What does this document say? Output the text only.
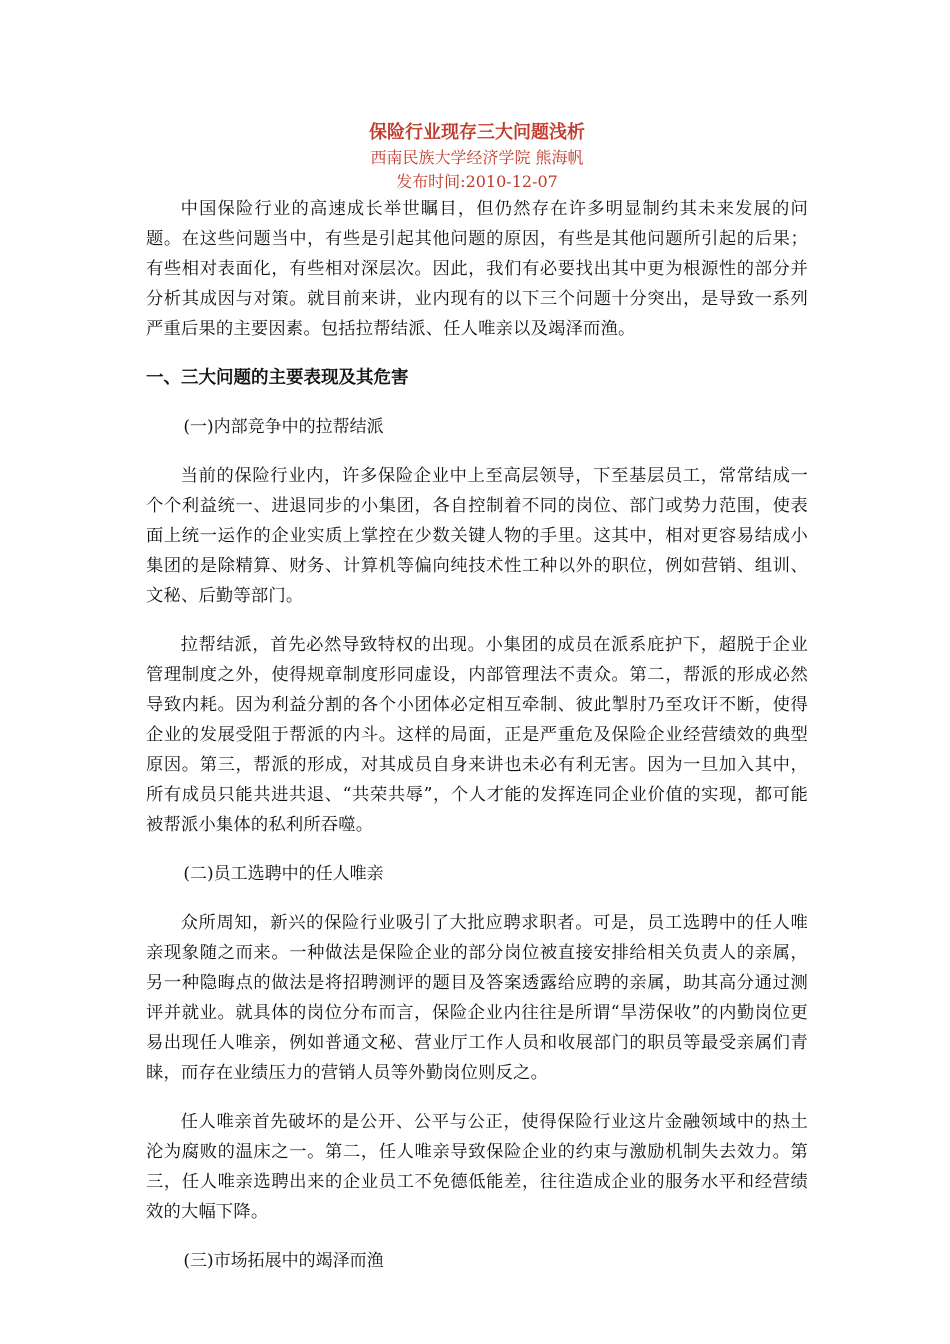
保险行业现存三大问题浅析
西南民族大学经济学院 熊海帆
发布时间:2010-12-07

中国保险行业的高速成长举世瞩目，但仍然存在许多明显制约其未来发展的问题。在这些问题当中，有些是引起其他问题的原因，有些是其他问题所引起的后果；有些相对表面化，有些相对深层次。因此，我们有必要找出其中更为根源性的部分并分析其成因与对策。就目前来讲，业内现有的以下三个问题十分突出，是导致一系列严重后果的主要因素。包括拉帮结派、任人唯亲以及竭泽而渔。

一、三大问题的主要表现及其危害

(一)内部竞争中的拉帮结派

当前的保险行业内，许多保险企业中上至高层领导，下至基层员工，常常结成一个个利益统一、进退同步的小集团，各自控制着不同的岗位、部门或势力范围，使表面上统一运作的企业实质上掌控在少数关键人物的手里。这其中，相对更容易结成小集团的是除精算、财务、计算机等偏向纯技术性工种以外的职位，例如营销、组训、文秘、后勤等部门。

拉帮结派，首先必然导致特权的出现。小集团的成员在派系庇护下，超脱于企业管理制度之外，使得规章制度形同虚设，内部管理法不责众。第二，帮派的形成必然导致内耗。因为利益分割的各个小团体必定相互牵制、彼此掣肘乃至攻讦不断，使得企业的发展受阻于帮派的内斗。这样的局面，正是严重危及保险企业经营绩效的典型原因。第三，帮派的形成，对其成员自身来讲也未必有利无害。因为一旦加入其中，所有成员只能共进共退、“共荣共辱”，个人才能的发挥连同企业价值的实现，都可能被帮派小集体的私利所吞噬。

(二)员工选聘中的任人唯亲

众所周知，新兴的保险行业吸引了大批应聘求职者。可是，员工选聘中的任人唯亲现象随之而来。一种做法是保险企业的部分岗位被直接安排给相关负责人的亲属，另一种隐晦点的做法是将招聘测评的题目及答案透露给应聘的亲属，助其高分通过测评并就业。就具体的岗位分布而言，保险企业内往往是所谓“旱涝保收”的内勤岗位更易出现任人唯亲，例如普通文秘、营业厅工作人员和收展部门的职员等最受亲属们青睐，而存在业绩压力的营销人员等外勤岗位则反之。

任人唯亲首先破坏的是公开、公平与公正，使得保险行业这片金融领域中的热土沦为腐败的温床之一。第二，任人唯亲导致保险企业的约束与激励机制失去效力。第三，任人唯亲选聘出来的企业员工不免德低能差，往往造成企业的服务水平和经营绩效的大幅下降。

(三)市场拓展中的竭泽而渔
